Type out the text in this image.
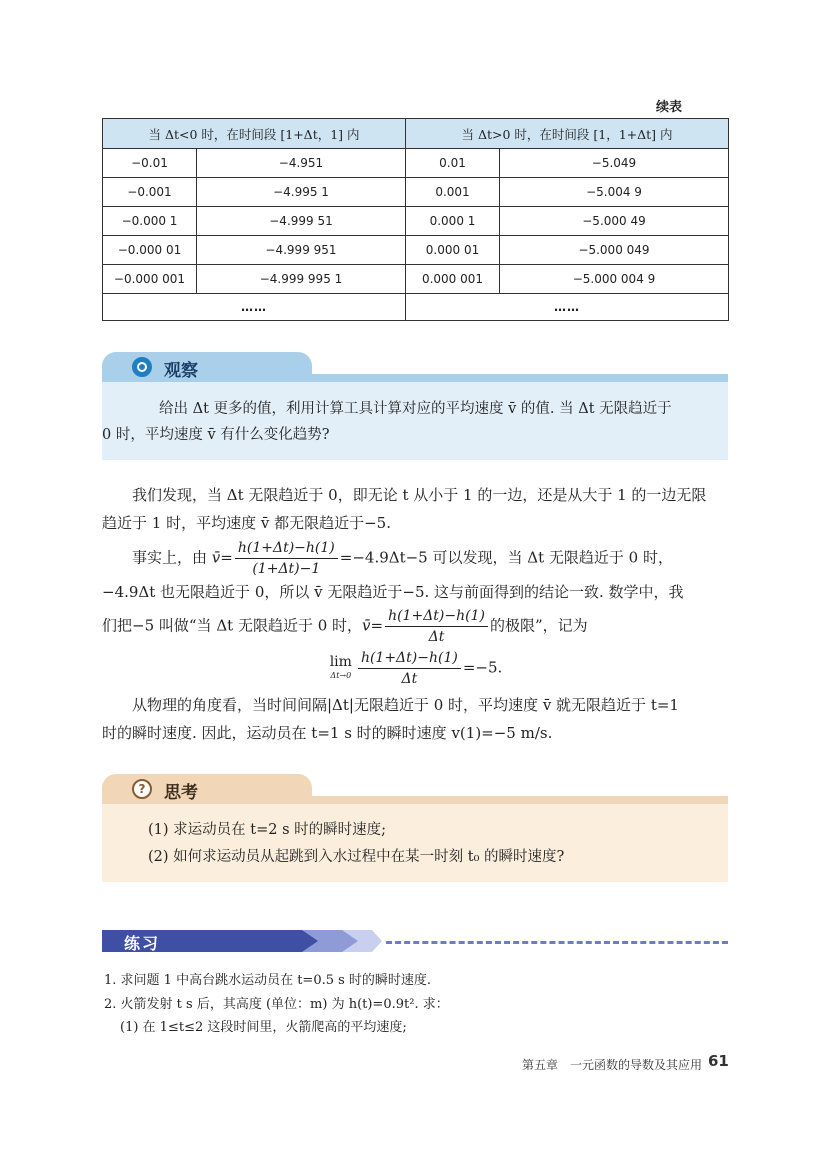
续表
当 Δt<0 时，在时间段 [1+Δt，1] 内		当 Δt>0 时，在时间段 [1，1+Δt] 内	
−0.01	−4.951	0.01	−5.049
−0.001	−4.995 1	0.001	−5.004 9
−0.000 1	−4.999 51	0.000 1	−5.000 49
−0.000 01	−4.999 951	0.000 01	−5.000 049
−0.000 001	−4.999 995 1	0.000 001	−5.000 004 9
……		……	
观察
给出 Δt 更多的值，利用计算工具计算对应的平均速度 v̄ 的值. 当 Δt 无限趋近于
0 时，平均速度 v̄ 有什么变化趋势?
我们发现，当 Δt 无限趋近于 0，即无论 t 从小于 1 的一边，还是从大于 1 的一边无限
趋近于 1 时，平均速度 v̄ 都无限趋近于−5.
事实上，由 v̄= $\frac{h(1+\Delta t)-h(1)}{(1+\Delta t)-1} =-4.9\Delta t-5$ 可以发现，当 Δt 无限趋近于 0 时，
−4.9Δt 也无限趋近于 0，所以 v̄ 无限趋近于−5. 这与前面得到的结论一致. 数学中，我
们把−5 叫做“当 Δt 无限趋近于 0 时，v̄= $\frac{h(1+\Delta t)-h(1)}{\Delta t}$ 的极限”，记为
lim
$\Delta t\to 0 \frac{h(1+\Delta t)-h(1)}{\Delta t} =-5$.
从物理的角度看，当时间间隔|Δt|无限趋近于 0 时，平均速度 v̄ 就无限趋近于 t=1
时的瞬时速度. 因此，运动员在 t=1 s 时的瞬时速度 v(1)=−5 m/s.
?	思考
(1) 求运动员在 t=2 s 时的瞬时速度;
(2) 如何求运动员从起跳到入水过程中在某一时刻 t₀ 的瞬时速度?
练习
1. 求问题 1 中高台跳水运动员在 t=0.5 s 时的瞬时速度.
2. 火箭发射 t s 后，其高度 (单位：m) 为 h(t)=0.9t². 求：
(1) 在 1≤t≤2 这段时间里，火箭爬高的平均速度;
第五章　一元函数的导数及其应用 61
